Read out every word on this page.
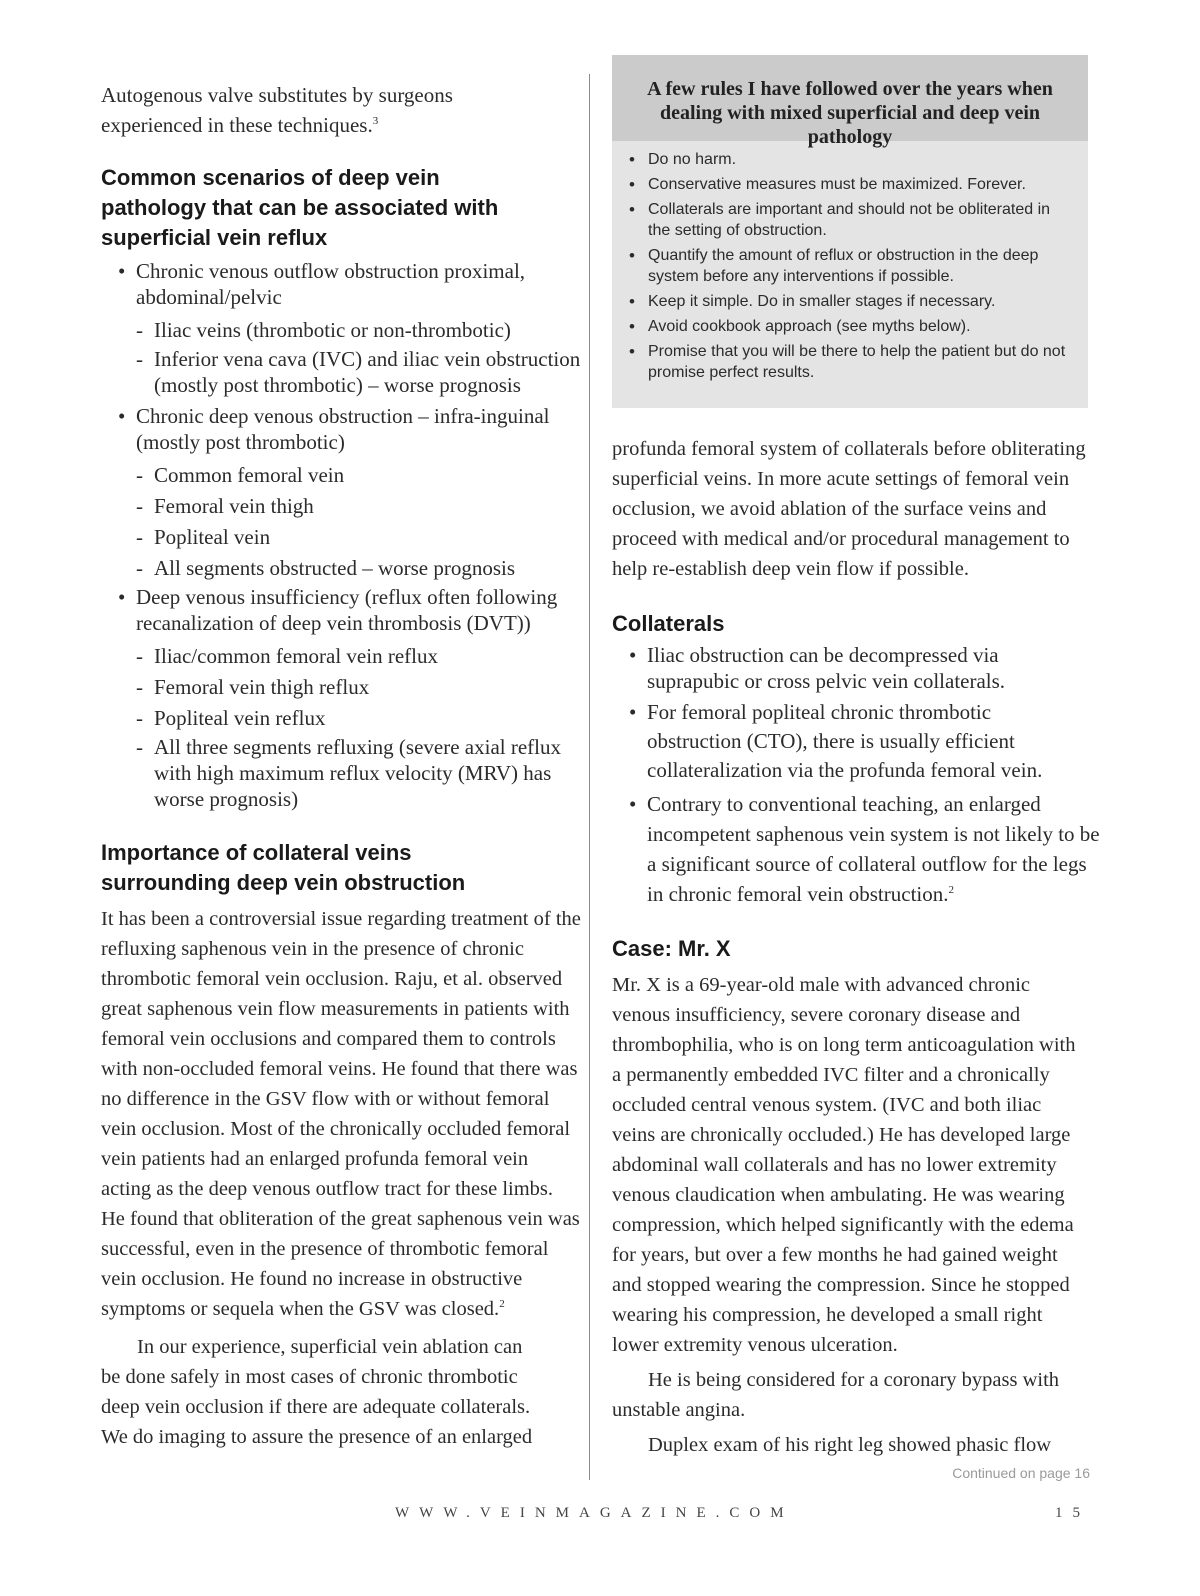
Autogenous valve substitutes by surgeons experienced in these techniques.$^3$

Common scenarios of deep vein pathology that can be associated with superficial vein reflux
• Chronic venous outflow obstruction proximal, abdominal/pelvic
- Iliac veins (thrombotic or non-thrombotic)
- Inferior vena cava (IVC) and iliac vein obstruction (mostly post thrombotic) – worse prognosis
• Chronic deep venous obstruction – infra-inguinal (mostly post thrombotic)
- Common femoral vein
- Femoral vein thigh
- Popliteal vein
- All segments obstructed – worse prognosis
• Deep venous insufficiency (reflux often following recanalization of deep vein thrombosis (DVT))
- Iliac/common femoral vein reflux
- Femoral vein thigh reflux
- Popliteal vein reflux
- All three segments refluxing (severe axial reflux with high maximum reflux velocity (MRV) has worse prognosis)
Importance of collateral veins surrounding deep vein obstruction

It has been a controversial issue regarding treatment of the refluxing saphenous vein in the presence of chronic thrombotic femoral vein occlusion. Raju, et al. observed great saphenous vein flow measurements in patients with femoral vein occlusions and compared them to controls with non-occluded femoral veins. He found that there was no difference in the GSV flow with or without femoral vein occlusion. Most of the chronically occluded femoral vein patients had an enlarged profunda femoral vein acting as the deep venous outflow tract for these limbs. He found that obliteration of the great saphenous vein was successful, even in the presence of thrombotic femoral vein occlusion. He found no increase in obstructive symptoms or sequela when the GSV was closed.$^2$

In our experience, superficial vein ablation can be done safely in most cases of chronic thrombotic deep vein occlusion if there are adequate collaterals. We do imaging to assure the presence of an enlarged

A few rules I have followed over the years when dealing with mixed superficial and deep vein pathology
• Do no harm.
• Conservative measures must be maximized. Forever.
• Collaterals are important and should not be obliterated in the setting of obstruction.
• Quantify the amount of reflux or obstruction in the deep system before any interventions if possible.
• Keep it simple. Do in smaller stages if necessary.
• Avoid cookbook approach (see myths below).
• Promise that you will be there to help the patient but do not promise perfect results.

profunda femoral system of collaterals before obliterating superficial veins. In more acute settings of femoral vein occlusion, we avoid ablation of the surface veins and proceed with medical and/or procedural management to help re-establish deep vein flow if possible.

Collaterals
• Iliac obstruction can be decompressed via suprapubic or cross pelvic vein collaterals.
• For femoral popliteal chronic thrombotic obstruction (CTO), there is usually efficient collateralization via the profunda femoral vein.
• Contrary to conventional teaching, an enlarged incompetent saphenous vein system is not likely to be a significant source of collateral outflow for the legs in chronic femoral vein obstruction.$^2$
Case: Mr. X

Mr. X is a 69-year-old male with advanced chronic venous insufficiency, severe coronary disease and thrombophilia, who is on long term anticoagulation with a permanently embedded IVC filter and a chronically occluded central venous system. (IVC and both iliac veins are chronically occluded.) He has developed large abdominal wall collaterals and has no lower extremity venous claudication when ambulating. He was wearing compression, which helped significantly with the edema for years, but over a few months he had gained weight and stopped wearing the compression. Since he stopped wearing his compression, he developed a small right lower extremity venous ulceration.

He is being considered for a coronary bypass with unstable angina.

Duplex exam of his right leg showed phasic flow

Continued on page 16
WWW.VEINMAGAZINE.COM	15
